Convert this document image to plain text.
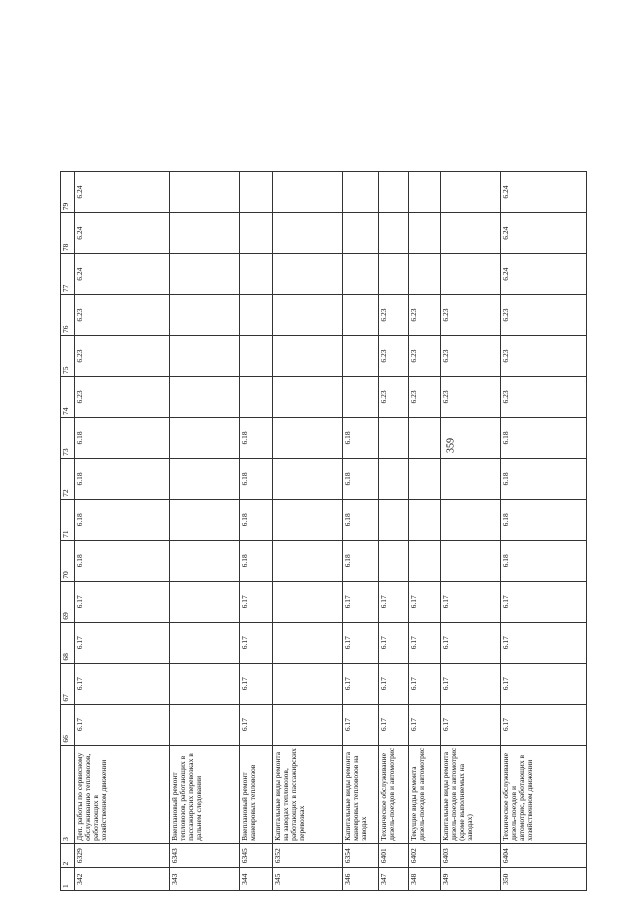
359
1	2	3	66	67	68	69	70	71	72	73	74	75	76	77	78	79
342	6329	Деп. работы по сервисному обслуживанию тепловозов, работающих в хозяйственном движении	6.17	6.17	6.17	6.17	6.18	6.18	6.18	6.18	6.23	6.23	6.23	6.24	6.24	6.24
343	6343	Внеплановый ремонт тепловозов, работающих в пассажирских перевозках в дальнем следовании														
344	6345	Внеплановый ремонт маневровых тепловозов	6.17	6.17	6.17	6.17	6.18	6.18	6.18	6.18						
345	6352	Капитальные виды ремонта на заводах тепловозов, работающих в пассажирских перевозках														
346	6354	Капитальные виды ремонта маневровых тепловозов на заводах	6.17	6.17	6.17	6.17	6.18	6.18	6.18	6.18						
347	6401	Техническое обслуживание дизель-поездов и автомотрис	6.17	6.17	6.17	6.17					6.23	6.23	6.23			
348	6402	Текущие виды ремонта дизель-поездов и автомотрис	6.17	6.17	6.17	6.17					6.23	6.23	6.23			
349	6403	Капитальные виды ремонта дизель-поездов и автомотрис (кроме выполняемых на заводах)	6.17	6.17	6.17	6.17					6.23	6.23	6.23			
350	6404	Техническое обслуживание дизель-поездов и автомотрис, работающих в хозяйственном движении	6.17	6.17	6.17	6.17	6.18	6.18	6.18	6.18	6.23	6.23	6.23	6.24	6.24	6.24
